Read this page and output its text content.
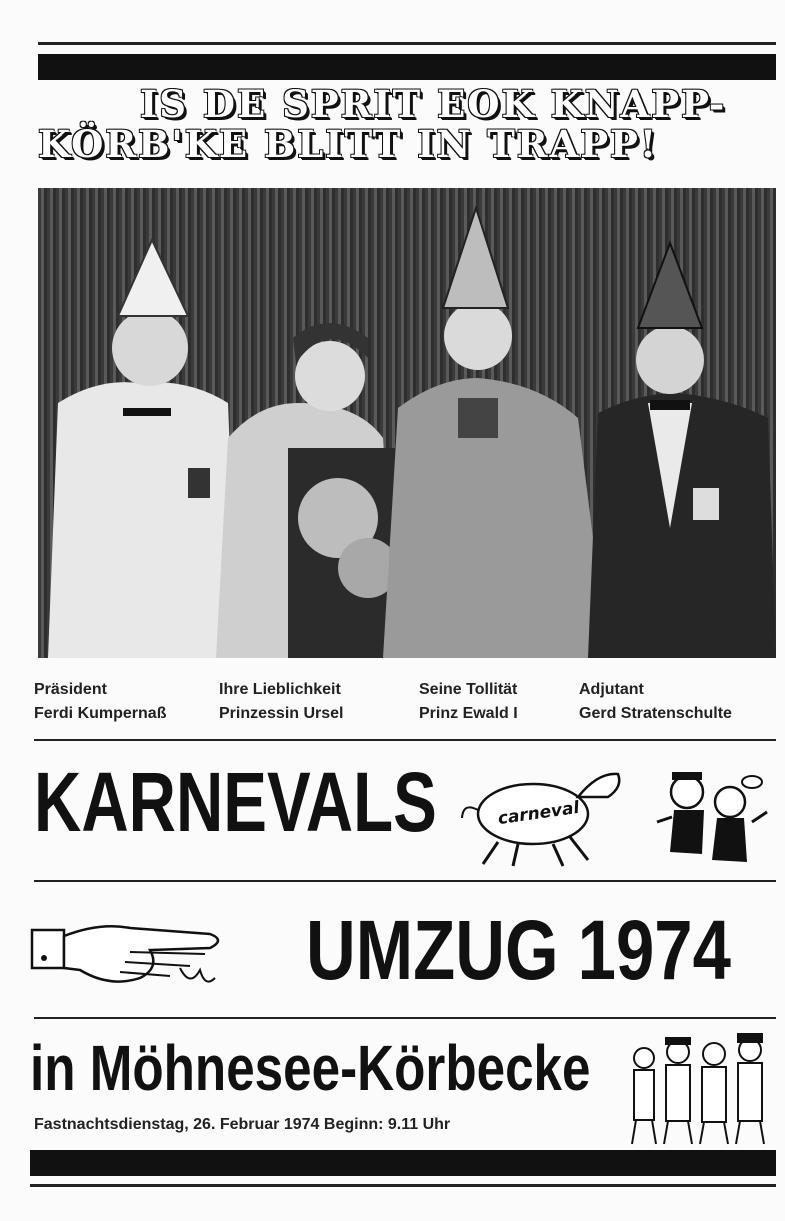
IS DE SPRIT EOK KNAPP-
KÖRB'KE BLITT IN TRAPP!
Präsident
Ferdi Kumpernaß
Ihre Lieblichkeit
Prinzessin Ursel
Seine Tollität
Prinz Ewald I
Adjutant
Gerd Stratenschulte
KARNEVALS	carneval
UMZUG 1974
in Möhnesee-Körbecke
Fastnachtsdienstag, 26. Februar 1974 Beginn: 9.11 Uhr
